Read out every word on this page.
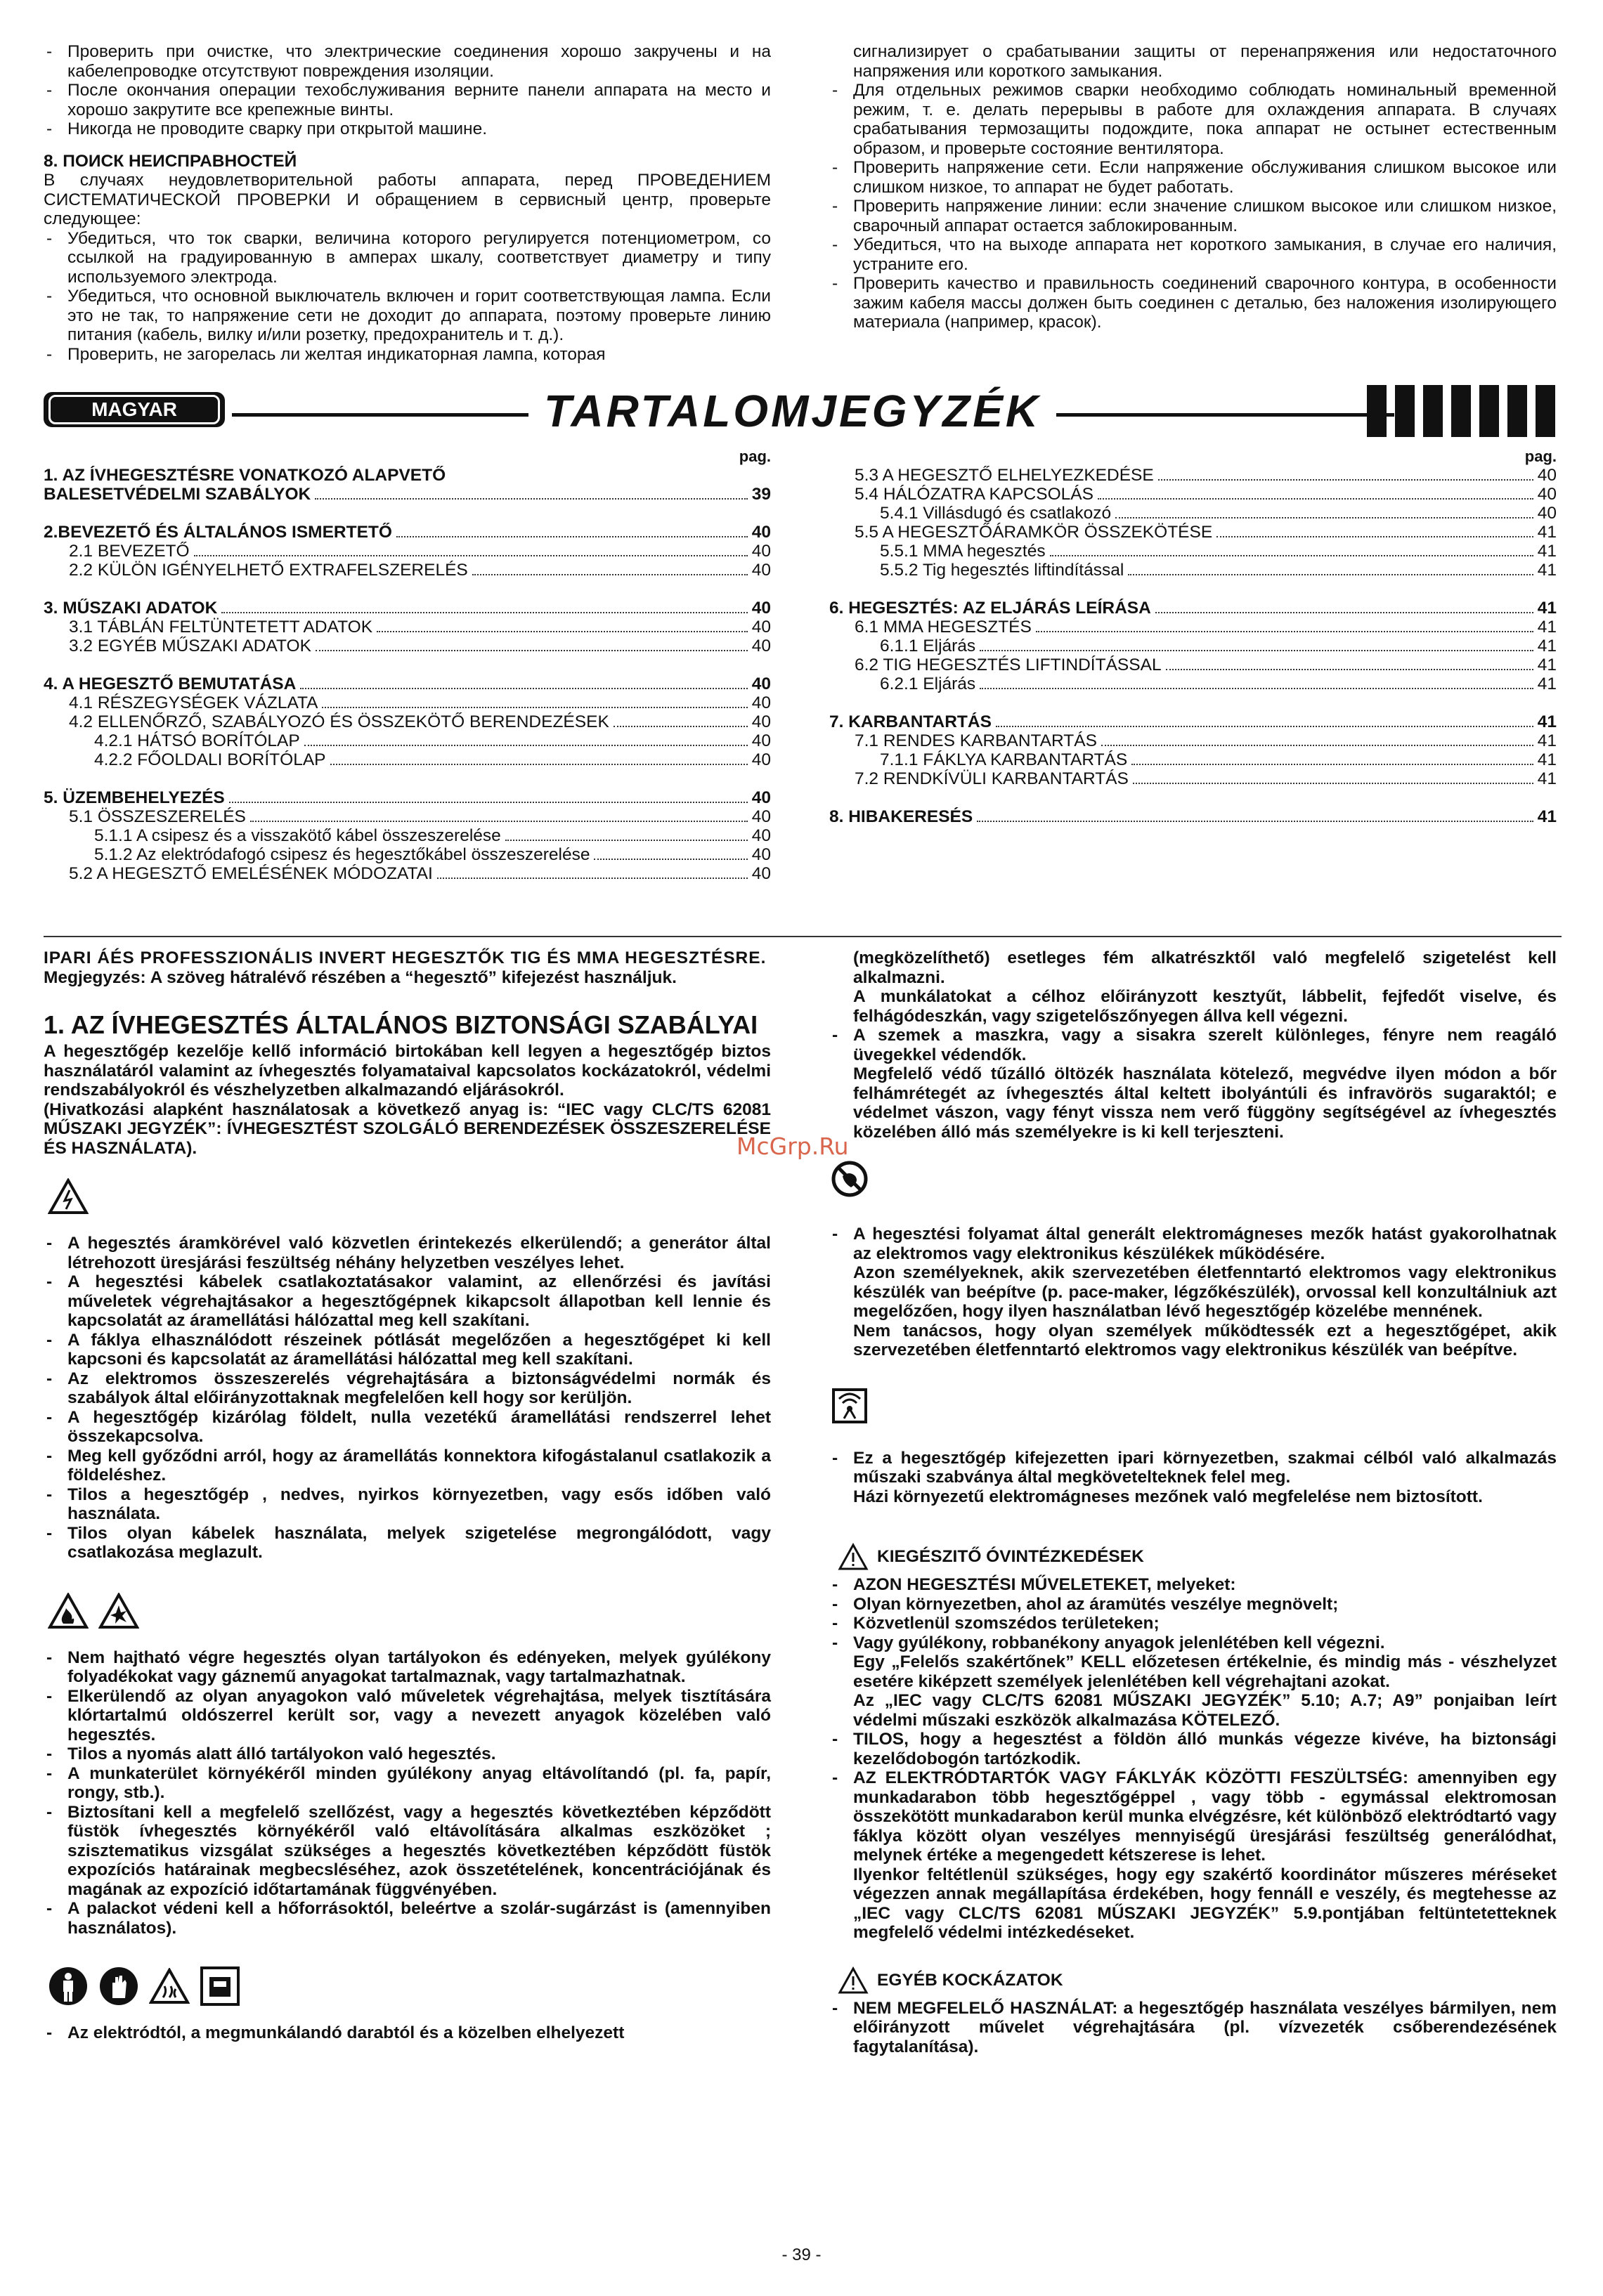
- Проверить при очистке, что электрические соединения хорошо закручены и на кабелепроводке отсутствуют повреждения изоляции.
- После окончания операции техобслуживания верните панели аппарата на место и хорошо закрутите все крепежные винты.
- Никогда не проводите сварку при открытой машине.
8. ПОИСК НЕИСПРАВНОСТЕЙ

В случаях неудовлетворительной работы аппарата, перед ПРОВЕДЕНИЕМ СИСТЕМАТИЧЕСКОЙ ПРОВЕРКИ И обращением в сервисный центр, проверьте следующее:

- Убедиться, что ток сварки, величина которого регулируется потенциометром, со ссылкой на градуированную в амперах шкалу, соответствует диаметру и типу используемого электрода.
- Убедиться, что основной выключатель включен и горит соответствующая лампа. Если это не так, то напряжение сети не доходит до аппарата, поэтому проверьте линию питания (кабель, вилку и/или розетку, предохранитель и т. д.).
- Проверить, не загорелась ли желтая индикаторная лампа, которая

сигнализирует о срабатывании защиты от перенапряжения или недостаточного напряжения или короткого замыкания.

- Для отдельных режимов сварки необходимо соблюдать номинальный временной режим, т. е. делать перерывы в работе для охлаждения аппарата. В случаях срабатывания термозащиты подождите, пока аппарат не остынет естественным образом, и проверьте состояние вентилятора.
- Проверить напряжение сети. Если напряжение обслуживания слишком высокое или слишком низкое, то аппарат не будет работать.
- Проверить напряжение линии: если значение слишком высокое или слишком низкое, сварочный аппарат остается заблокированным.
- Убедиться, что на выходе аппарата нет короткого замыкания, в случае его наличия, устраните его.
- Проверить качество и правильность соединений сварочного контура, в особенности зажим кабеля массы должен быть соединен с деталью, без наложения изолирующего материала (например, красок).
MAGYAR	TARTALOMJEGYZÉK
pag.
1. AZ ÍVHEGESZTÉSRE VONATKOZÓ ALAPVETŐ
BALESETVÉDELMI SZABÁLYOK	39
2.BEVEZETŐ ÉS ÁLTALÁNOS ISMERTETŐ	40
2.1 BEVEZETŐ	40
2.2 KÜLÖN IGÉNYELHETŐ EXTRAFELSZERELÉS	40
3. MŰSZAKI ADATOK	40
3.1 TÁBLÁN FELTÜNTETETT ADATOK	40
3.2 EGYÉB MŰSZAKI ADATOK	40
4. A HEGESZTŐ BEMUTATÁSA	40
4.1 RÉSZEGYSÉGEK VÁZLATA	40
4.2 ELLENŐRZŐ, SZABÁLYOZÓ ÉS ÖSSZEKÖTŐ BERENDEZÉSEK	40
4.2.1 HÁTSÓ BORÍTÓLAP	40
4.2.2 FŐOLDALI BORÍTÓLAP	40
5. ÜZEMBEHELYEZÉS	40
5.1 ÖSSZESZERELÉS	40
5.1.1 A csipesz és a visszakötő kábel összeszerelése	40
5.1.2 Az elektródafogó csipesz és hegesztőkábel összeszerelése	40
5.2 A HEGESZTŐ EMELÉSÉNEK MÓDOZATAI	40
pag.
5.3 A HEGESZTŐ ELHELYEZKEDÉSE	40
5.4 HÁLÓZATRA KAPCSOLÁS	40
5.4.1 Villásdugó és csatlakozó	40
5.5 A HEGESZTŐÁRAMKÖR ÖSSZEKÖTÉSE	41
5.5.1 MMA hegesztés	41
5.5.2 Tig hegesztés liftindítással	41
6. HEGESZTÉS: AZ ELJÁRÁS LEÍRÁSA	41
6.1 MMA HEGESZTÉS	41
6.1.1 Eljárás	41
6.2 TIG HEGESZTÉS LIFTINDÍTÁSSAL	41
6.2.1 Eljárás	41
7. KARBANTARTÁS	41
7.1 RENDES KARBANTARTÁS	41
7.1.1 FÁKLYA KARBANTARTÁS	41
7.2 RENDKÍVÜLI KARBANTARTÁS	41
8. HIBAKERESÉS	41

IPARI ÁÉS PROFESSZIONÁLIS INVERT HEGESZTŐK TIG ÉS MMA HEGESZTÉSRE.

Megjegyzés: A szöveg hátralévő részében a “hegesztő” kifejezést használjuk.

1. AZ ÍVHEGESZTÉS ÁLTALÁNOS BIZTONSÁGI SZABÁLYAI

A hegesztőgép kezelője kellő információ birtokában kell legyen a hegesztőgép biztos használatáról valamint az ívhegesztés folyamataival kapcsolatos kockázatokról, védelmi rendszabályokról és vészhelyzetben alkalmazandó eljárásokról.

(Hivatkozási alapként használatosak a következő anyag is: “IEC vagy CLC/TS 62081 MŰSZAKI JEGYZÉK”: ÍVHEGESZTÉST SZOLGÁLÓ BERENDEZÉSEK ÖSSZESZERELÉSE ÉS HASZNÁLATA).

- A hegesztés áramkörével való közvetlen érintekezés elkerülendő; a generátor által létrehozott üresjárási feszültség néhány helyzetben veszélyes lehet.
- A hegesztési kábelek csatlakoztatásakor valamint, az ellenőrzési és javítási műveletek végrehajtásakor a hegesztőgépnek kikapcsolt állapotban kell lennie és kapcsolatát az áramellátási hálózattal meg kell szakítani.
- A fáklya elhasználódott részeinek pótlását megelőzően a hegesztőgépet ki kell kapcsoni és kapcsolatát az áramellátási hálózattal meg kell szakítani.
- Az elektromos összeszerelés végrehajtására a biztonságvédelmi normák és szabályok által előirányzottaknak megfelelően kell hogy sor kerüljön.
- A hegesztőgép kizárólag földelt, nulla vezetékű áramellátási rendszerrel lehet összekapcsolva.
- Meg kell győződni arról, hogy az áramellátás konnektora kifogástalanul csatlakozik a földeléshez.
- Tilos a hegesztőgép , nedves, nyirkos környezetben, vagy esős időben való használata.
- Tilos olyan kábelek használata, melyek szigetelése megrongálódott, vagy csatlakozása meglazult.
- Nem hajtható végre hegesztés olyan tartályokon és edényeken, melyek gyúlékony folyadékokat vagy gáznemű anyagokat tartalmaznak, vagy tartalmazhatnak.
- Elkerülendő az olyan anyagokon való műveletek végrehajtása, melyek tisztítására klórtartalmú oldószerrel került sor, vagy a nevezett anyagok közelében való hegesztés.
- Tilos a nyomás alatt álló tartályokon való hegesztés.
- A munkaterület környékéről minden gyúlékony anyag eltávolítandó (pl. fa, papír, rongy, stb.).
- Biztosítani kell a megfelelő szellőzést, vagy a hegesztés következtében képződött füstök ívhegesztés környékéről való eltávolítására alkalmas eszközöket ; szisztematikus vizsgálat szükséges a hegesztés következtében képződött füstök expozíciós határainak megbecsléséhez, azok összetételének, koncentrációjának és magának az expozíció időtartamának függvényében.
- A palackot védeni kell a hőforrásoktól, beleértve a szolár-sugárzást is (amennyiben használatos).
- Az elektródtól, a megmunkálandó darabtól és a közelben elhelyezett

(megközelíthető) esetleges fém alkatrészktől való megfelelő szigetelést kell alkalmazni.

A munkálatokat a célhoz előirányzott kesztyűt, lábbelit, fejfedőt viselve, és felhágódeszkán, vagy szigetelőszőnyegen állva kell végezni.

- A szemek a maszkra, vagy a sisakra szerelt különleges, fényre nem reagáló üvegekkel védendők.

Megfelelő védő tűzálló öltözék használata kötelező, megvédve ilyen módon a bőr felhámrétegét az ívhegesztés által keltett ibolyántúli és infravörös sugaraktól; e védelmet vászon, vagy fényt vissza nem verő függöny segítségével az ívhegesztés közelében álló más személyekre is ki kell terjeszteni.

- A hegesztési folyamat által generált elektromágneses mezők hatást gyakorolhatnak az elektromos vagy elektronikus készülékek működésére.

Azon személyeknek, akik szervezetében életfenntartó elektromos vagy elektronikus készülék van beépítve (p. pace-maker, légzőkészülék), orvossal kell konzultálniuk azt megelőzően, hogy ilyen használatban lévő hegesztőgép közelébe mennének.

Nem tanácsos, hogy olyan személyek működtessék ezt a hegesztőgépet, akik szervezetében életfenntartó elektromos vagy elektronikus készülék van beépítve.

- Ez a hegesztőgép kifejezetten ipari környezetben, szakmai célból való alkalmazás műszaki szabványa által megkövetelteknek felel meg.

Házi környezetű elektromágneses mezőnek való megfelelése nem biztosított.

KIEGÉSZITŐ ÓVINTÉZKEDÉSEK
- AZON HEGESZTÉSI MŰVELETEKET, melyeket:
- Olyan környezetben, ahol az áramütés veszélye megnövelt;
- Közvetlenül szomszédos területeken;
- Vagy gyúlékony, robbanékony anyagok jelenlétében kell végezni.

Egy „Felelős szakértőnek” KELL előzetesen értékelnie, és mindig más - vészhelyzet esetére kiképzett személyek jelenlétében kell végrehajtani azokat.

Az „IEC vagy CLC/TS 62081 MŰSZAKI JEGYZÉK” 5.10; A.7; A9” ponjaiban leírt védelmi műszaki eszközök alkalmazása KÖTELEZŐ.

- TILOS, hogy a hegesztést a földön álló munkás végezze kivéve, ha biztonsági kezelődobogón tartózkodik.
- AZ ELEKTRÓDTARTÓK VAGY FÁKLYÁK KÖZÖTTI FESZÜLTSÉG: amennyiben egy munkadarabon több hegesztőgéppel , vagy több - egymással elektromosan összekötött munkadarabon kerül munka elvégzésre, két különböző elektródtartó vagy fáklya között olyan veszélyes mennyiségű üresjárási feszültség generálódhat, melynek értéke a megengedett kétszerese is lehet.

Ilyenkor feltétlenül szükséges, hogy egy szakértő koordinátor műszeres méréseket végezzen annak megállapítása érdekében, hogy fennáll e veszély, és megtehesse az „IEC vagy CLC/TS 62081 MŰSZAKI JEGYZÉK” 5.9.pontjában feltüntetetteknek megfelelő védelmi intézkedéseket.

EGYÉB KOCKÁZATOK
- NEM MEGFELELŐ HASZNÁLAT: a hegesztőgép használata veszélyes bármilyen, nem előirányzott művelet végrehajtására (pl. vízvezeték csőberendezésének fagytalanítása).
McGrp.Ru
- 39 -
